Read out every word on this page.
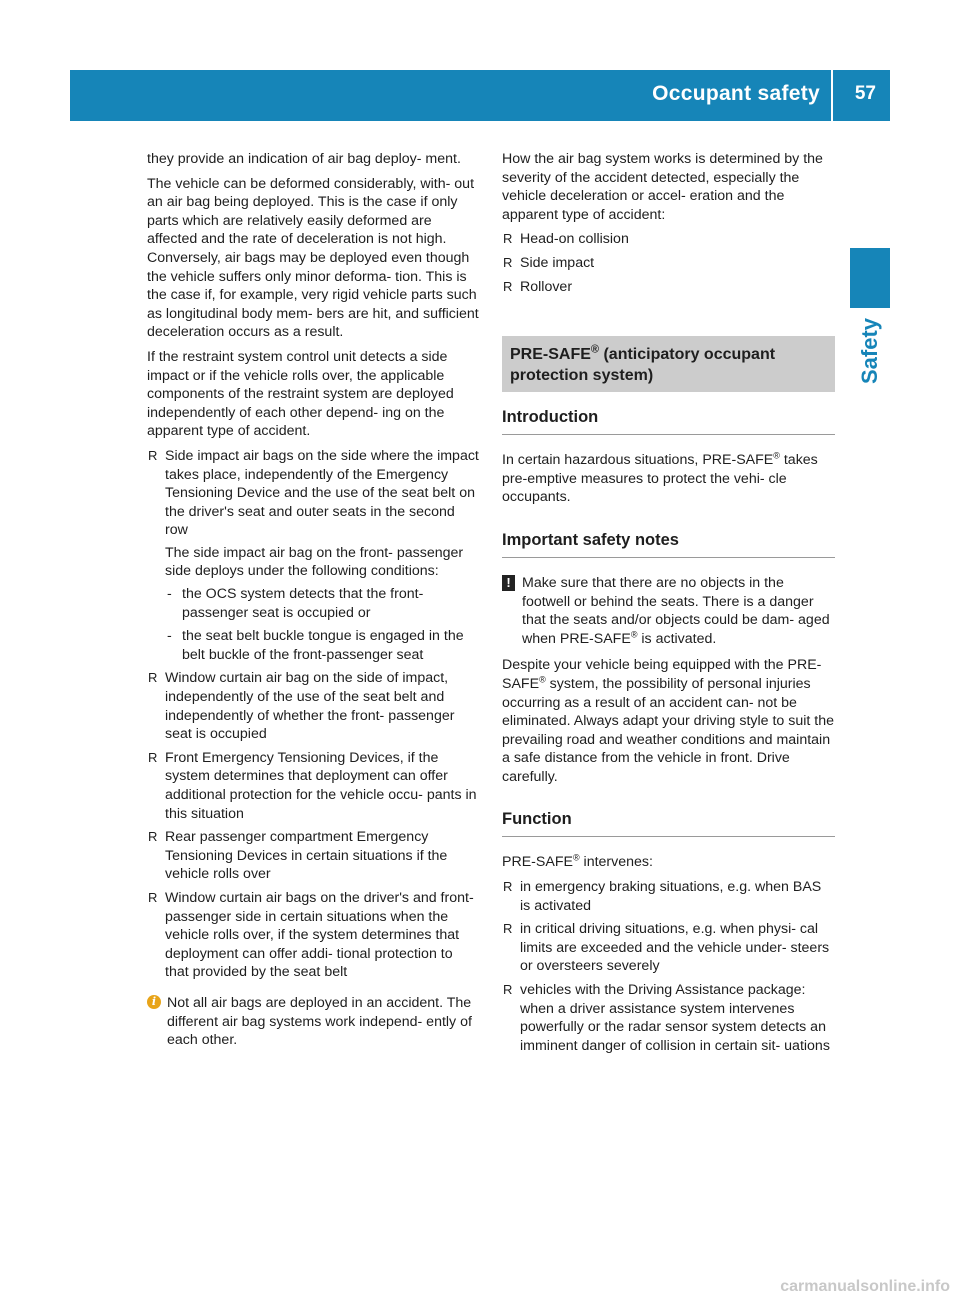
Occupant safety 57
Safety

they provide an indication of air bag deploy- ment.

The vehicle can be deformed considerably, with- out an air bag being deployed. This is the case if only parts which are relatively easily deformed are affected and the rate of deceleration is not high. Conversely, air bags may be deployed even though the vehicle suffers only minor deforma- tion. This is the case if, for example, very rigid vehicle parts such as longitudinal body mem- bers are hit, and sufficient deceleration occurs as a result.

If the restraint system control unit detects a side impact or if the vehicle rolls over, the applicable components of the restraint system are deployed independently of each other depend- ing on the apparent type of accident.

R Side impact air bags on the side where the impact takes place, independently of the Emergency Tensioning Device and the use of the seat belt on the driver's seat and outer seats in the second row
The side impact air bag on the front- passenger side deploys under the following conditions:
- the OCS system detects that the front- passenger seat is occupied or
- the seat belt buckle tongue is engaged in the belt buckle of the front-passenger seat
R Window curtain air bag on the side of impact, independently of the use of the seat belt and independently of whether the front- passenger seat is occupied
R Front Emergency Tensioning Devices, if the system determines that deployment can offer additional protection for the vehicle occu- pants in this situation
R Rear passenger compartment Emergency Tensioning Devices in certain situations if the vehicle rolls over
R Window curtain air bags on the driver's and front-passenger side in certain situations when the vehicle rolls over, if the system determines that deployment can offer addi- tional protection to that provided by the seat belt
i Not all air bags are deployed in an accident. The different air bag systems work independ- ently of each other.

How the air bag system works is determined by the severity of the accident detected, especially the vehicle deceleration or accel- eration and the apparent type of accident:

R Head-on collision
R Side impact
R Rollover
PRE-SAFE® (anticipatory occupant protection system)
Introduction

In certain hazardous situations, PRE-SAFE® takes pre-emptive measures to protect the vehi- cle occupants.

Important safety notes
! Make sure that there are no objects in the footwell or behind the seats. There is a danger that the seats and/or objects could be dam- aged when PRE-SAFE® is activated.

Despite your vehicle being equipped with the PRE-SAFE® system, the possibility of personal injuries occurring as a result of an accident can- not be eliminated. Always adapt your driving style to suit the prevailing road and weather conditions and maintain a safe distance from the vehicle in front. Drive carefully.

Function

PRE-SAFE® intervenes:

R in emergency braking situations, e.g. when BAS is activated
R in critical driving situations, e.g. when physi- cal limits are exceeded and the vehicle under- steers or oversteers severely
R vehicles with the Driving Assistance package: when a driver assistance system intervenes powerfully or the radar sensor system detects an imminent danger of collision in certain sit- uations
carmanualsonline.info
